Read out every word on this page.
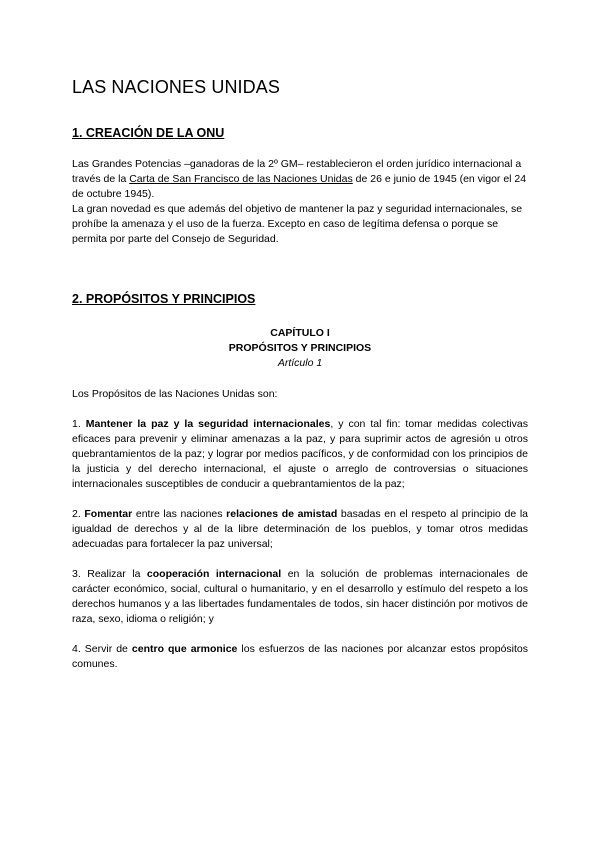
LAS NACIONES UNIDAS
1. CREACIÓN DE LA ONU

Las Grandes Potencias –ganadoras de la 2º GM– restablecieron el orden jurídico internacional a través de la Carta de San Francisco de las Naciones Unidas de 26 e junio de 1945 (en vigor el 24 de octubre 1945).

La gran novedad es que además del objetivo de mantener la paz y seguridad internacionales, se prohíbe la amenaza y el uso de la fuerza. Excepto en caso de legítima defensa o porque se permita por parte del Consejo de Seguridad.

2. PROPÓSITOS Y PRINCIPIOS
CAPÍTULO I
PROPÓSITOS Y PRINCIPIOS
Artículo 1

Los Propósitos de las Naciones Unidas son:

1. Mantener la paz y la seguridad internacionales, y con tal fin: tomar medidas colectivas eficaces para prevenir y eliminar amenazas a la paz, y para suprimir actos de agresión u otros quebrantamientos de la paz; y lograr por medios pacíficos, y de conformidad con los principios de la justicia y del derecho internacional, el ajuste o arreglo de controversias o situaciones internacionales susceptibles de conducir a quebrantamientos de la paz;

2. Fomentar entre las naciones relaciones de amistad basadas en el respeto al principio de la igualdad de derechos y al de la libre determinación de los pueblos, y tomar otros medidas adecuadas para fortalecer la paz universal;

3. Realizar la cooperación internacional en la solución de problemas internacionales de carácter económico, social, cultural o humanitario, y en el desarrollo y estímulo del respeto a los derechos humanos y a las libertades fundamentales de todos, sin hacer distinción por motivos de raza, sexo, idioma o religión; y

4. Servir de centro que armonice los esfuerzos de las naciones por alcanzar estos propósitos comunes.
